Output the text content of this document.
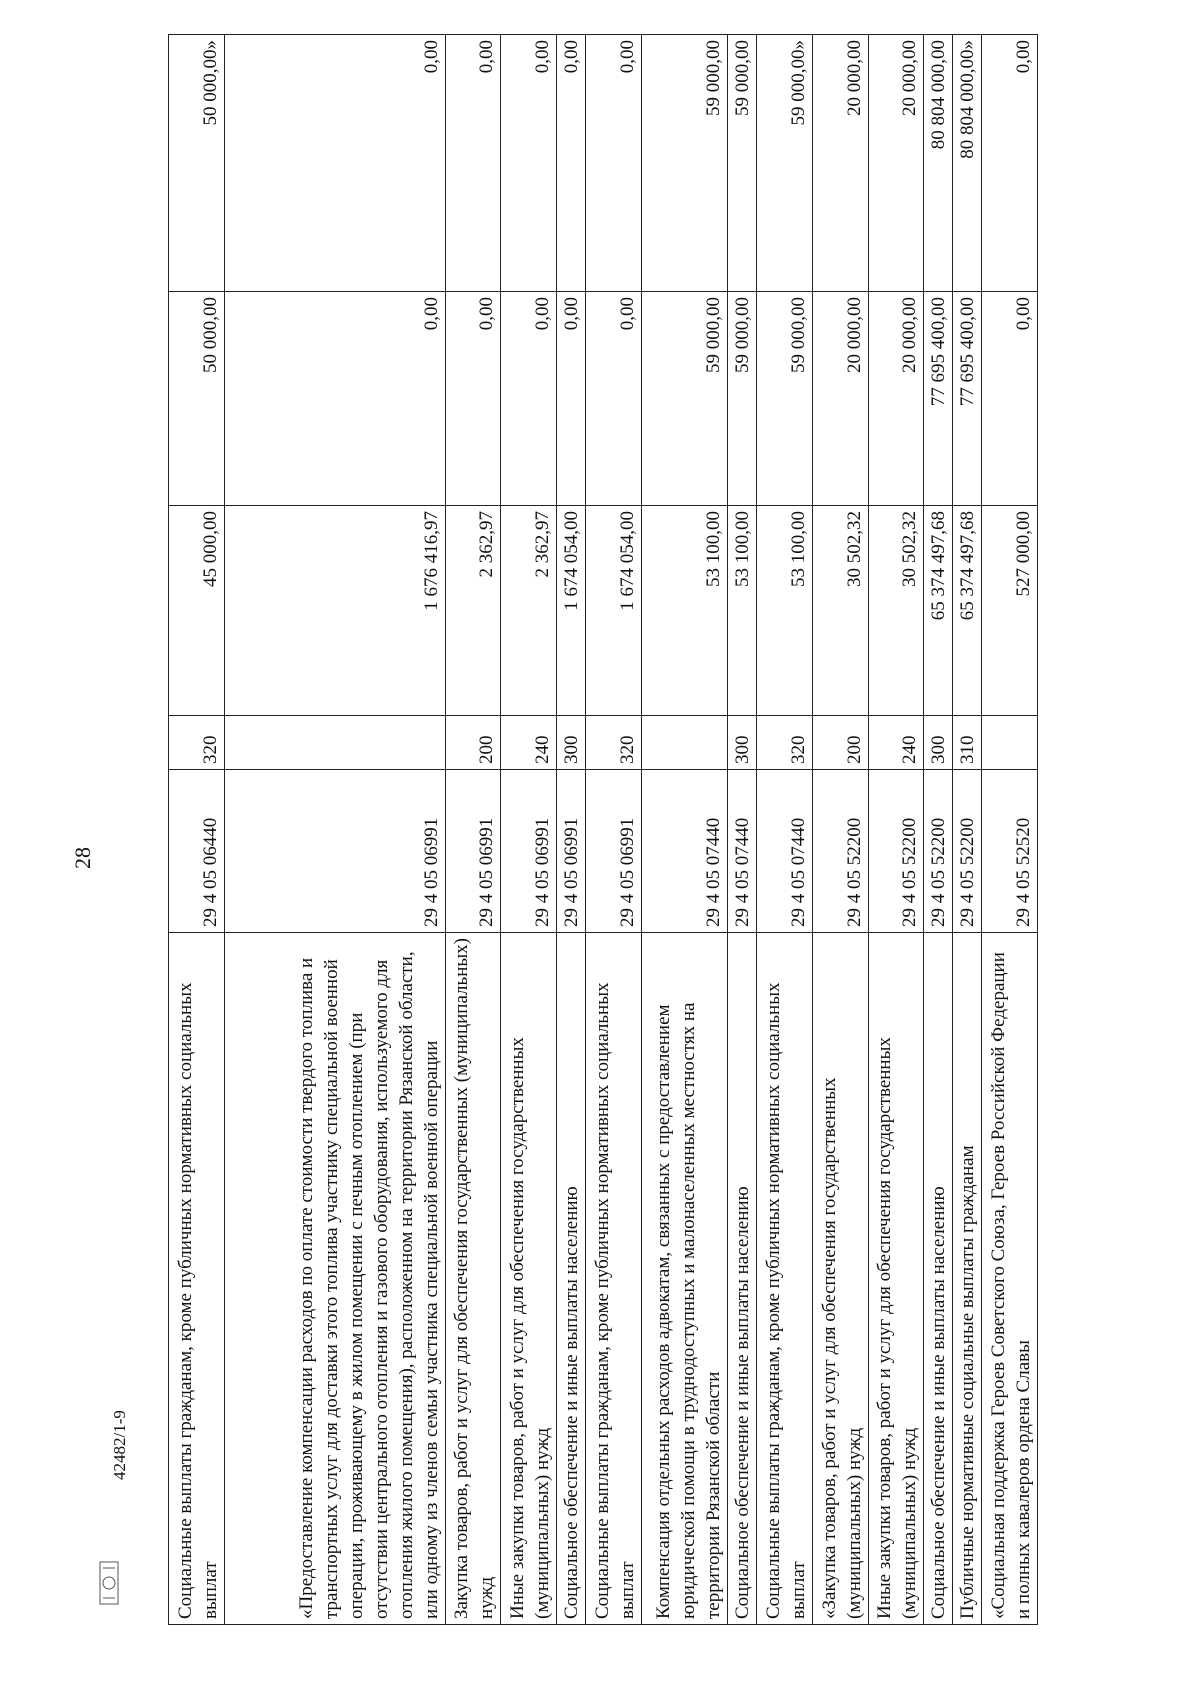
28
Социальные выплаты гражданам, кроме публичных нормативных социальных выплат	29 4 05 06440	320	45 000,00	50 000,00	50 000,00»
«Предоставление компенсации расходов по оплате стоимости твердого топлива и транспортных услуг для доставки этого топлива участнику специальной военной операции, проживающему в жилом помещении с печным отоплением (при отсутствии центрального отопления и газового оборудования, используемого для отопления жилого помещения), расположенном на территории Рязанской области, или одному из членов семьи участника специальной военной операции	29 4 05 06991		1 676 416,97	0,00	0,00
Закупка товаров, работ и услуг для обеспечения государственных (муниципальных) нужд	29 4 05 06991	200	2 362,97	0,00	0,00
Иные закупки товаров, работ и услуг для обеспечения государственных (муниципальных) нужд	29 4 05 06991	240	2 362,97	0,00	0,00
Социальное обеспечение и иные выплаты населению	29 4 05 06991	300	1 674 054,00	0,00	0,00
Социальные выплаты гражданам, кроме публичных нормативных социальных выплат	29 4 05 06991	320	1 674 054,00	0,00	0,00
Компенсация отдельных расходов адвокатам, связанных с предоставлением юридической помощи в труднодоступных и малонаселенных местностях на территории Рязанской области	29 4 05 07440		53 100,00	59 000,00	59 000,00
Социальное обеспечение и иные выплаты населению	29 4 05 07440	300	53 100,00	59 000,00	59 000,00
Социальные выплаты гражданам, кроме публичных нормативных социальных выплат	29 4 05 07440	320	53 100,00	59 000,00	59 000,00»
«Закупка товаров, работ и услуг для обеспечения государственных (муниципальных) нужд	29 4 05 52200	200	30 502,32	20 000,00	20 000,00
Иные закупки товаров, работ и услуг для обеспечения государственных (муниципальных) нужд	29 4 05 52200	240	30 502,32	20 000,00	20 000,00
Социальное обеспечение и иные выплаты населению	29 4 05 52200	300	65 374 497,68	77 695 400,00	80 804 000,00
Публичные нормативные социальные выплаты гражданам	29 4 05 52200	310	65 374 497,68	77 695 400,00	80 804 000,00»
«Социальная поддержка Героев Советского Союза, Героев Российской Федерации и полных кавалеров ордена Славы	29 4 05 52520		527 000,00	0,00	0,00
42482/1-9
